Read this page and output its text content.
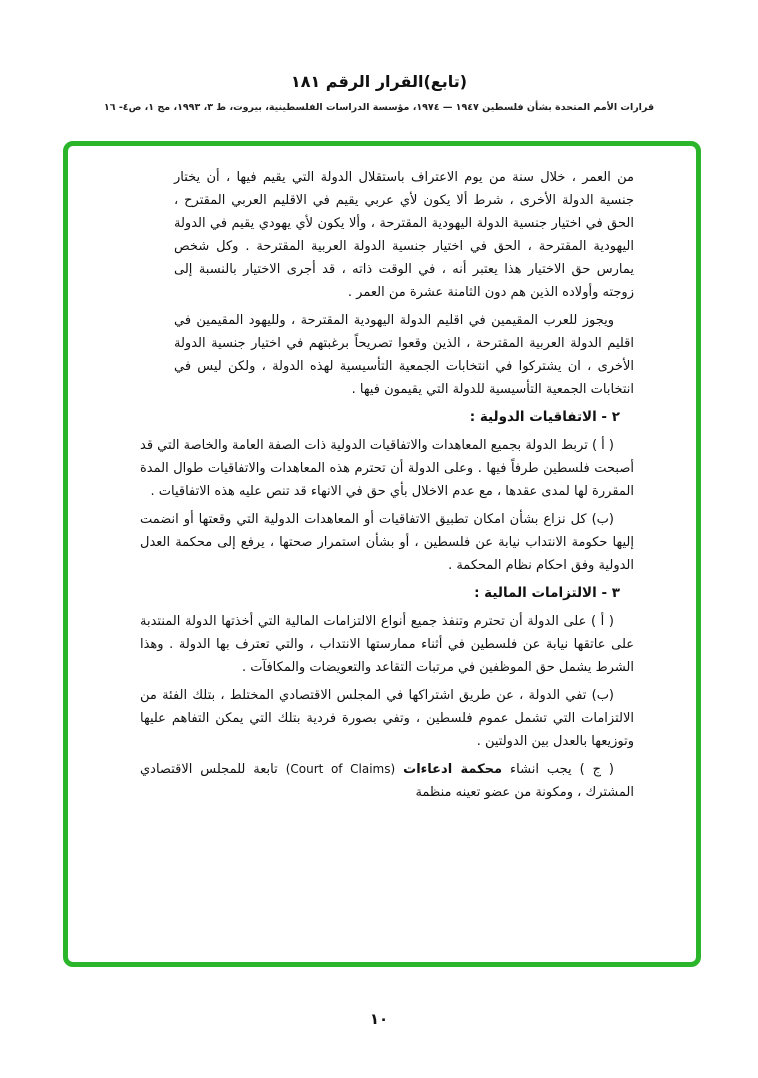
(تابع)القرار الرقم ١٨١
قرارات الأمم المتحدة بشأن فلسطين ١٩٤٧ — ١٩٧٤، مؤسسة الدراسات الفلسطينية، بيروت، ط ٣، ١٩٩٣، مج ١، ص٤- ١٦

من العمر ، خلال سنة من يوم الاعتراف باستقلال الدولة التي يقيم فيها ، أن يختار جنسية الدولة الأخرى ، شرط ألا يكون لأي عربي يقيم في الاقليم العربي المقترح ، الحق في اختيار جنسية الدولة اليهودية المقترحة ، وألا يكون لأي يهودي يقيم في الدولة اليهودية المقترحة ، الحق في اختيار جنسية الدولة العربية المقترحة . وكل شخص يمارس حق الاختيار هذا يعتبر أنه ، في الوقت ذاته ، قد أجرى الاختيار بالنسبة إلى زوجته وأولاده الذين هم دون الثامنة عشرة من العمر .

ويجوز للعرب المقيمين في اقليم الدولة اليهودية المقترحة ، ولليهود المقيمين في اقليم الدولة العربية المقترحة ، الذين وقعوا تصريحاً برغبتهم في اختيار جنسية الدولة الأخرى ، ان يشتركوا في انتخابات الجمعية التأسيسية لهذه الدولة ، ولكن ليس في انتخابات الجمعية التأسيسية للدولة التي يقيمون فيها .

٢ - الاتفاقيات الدولية :

( أ ) تربط الدولة بجميع المعاهدات والاتفاقيات الدولية ذات الصفة العامة والخاصة التي قد أصبحت فلسطين طرفاً فيها . وعلى الدولة أن تحترم هذه المعاهدات والاتفاقيات طوال المدة المقررة لها لمدى عقدها ، مع عدم الاخلال بأي حق في الانهاء قد تنص عليه هذه الاتفاقيات .

(ب) كل نزاع بشأن امكان تطبيق الاتفاقيات أو المعاهدات الدولية التي وقعتها أو انضمت إليها حكومة الانتداب نيابة عن فلسطين ، أو بشأن استمرار صحتها ، يرفع إلى محكمة العدل الدولية وفق احكام نظام المحكمة .

٣ - الالتزامات المالية :

( أ ) على الدولة أن تحترم وتنفذ جميع أنواع الالتزامات المالية التي أخذتها الدولة المنتدبة على عاتقها نيابة عن فلسطين في أثناء ممارستها الانتداب ، والتي تعترف بها الدولة . وهذا الشرط يشمل حق الموظفين في مرتبات التقاعد والتعويضات والمكافآت .

(ب) تفي الدولة ، عن طريق اشتراكها في المجلس الاقتصادي المختلط ، بتلك الفئة من الالتزامات التي تشمل عموم فلسطين ، وتفي بصورة فردية بتلك التي يمكن التفاهم عليها وتوزيعها بالعدل بين الدولتين .

( ج ) يجب انشاء محكمة ادعاءات (Court of Claims) تابعة للمجلس الاقتصادي المشترك ، ومكونة من عضو تعينه منظمة

١٠
